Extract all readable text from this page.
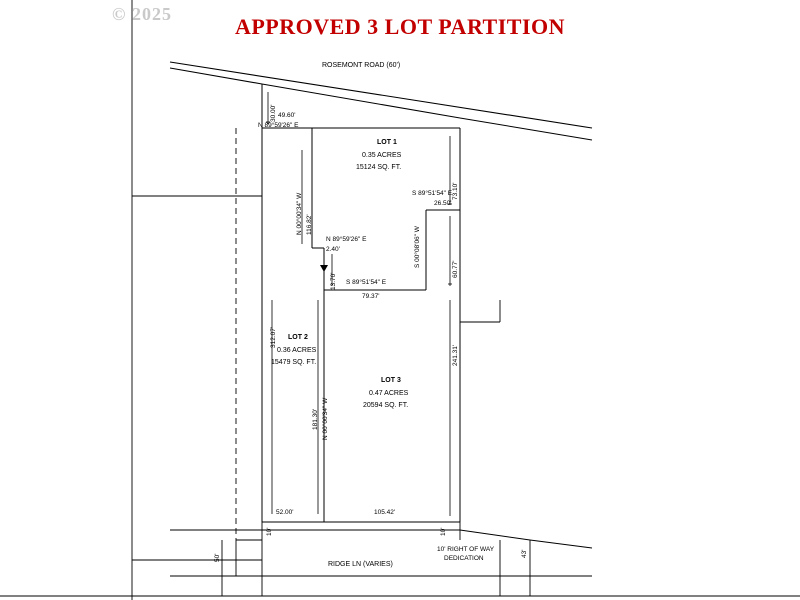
© 2025	APPROVED 3 LOT PARTITION
ROSEMONT ROAD (60')
RIDGE LN (VARIES)
LOT 1
0.35 ACRES
15124 SQ. FT.
LOT 2
0.36 ACRES
15479 SQ. FT.
LOT 3
0.47 ACRES
20594 SQ. FT.
10' RIGHT OF WAY
DEDICATION
30.00'
N 00°00'34" W 116.82'
13.70'
73.10'
S 00°08'06" W
60.77'
241.31'
312.07'
181.30' N 00°00'34" W
10'	10'
50'	43'
49.60'
N 89°59'26" E
N 89°59'26" E
2.40'
S 89°51'54" E
79.37'
S 89°51'54" E
26.50'
52.00'	105.42'
